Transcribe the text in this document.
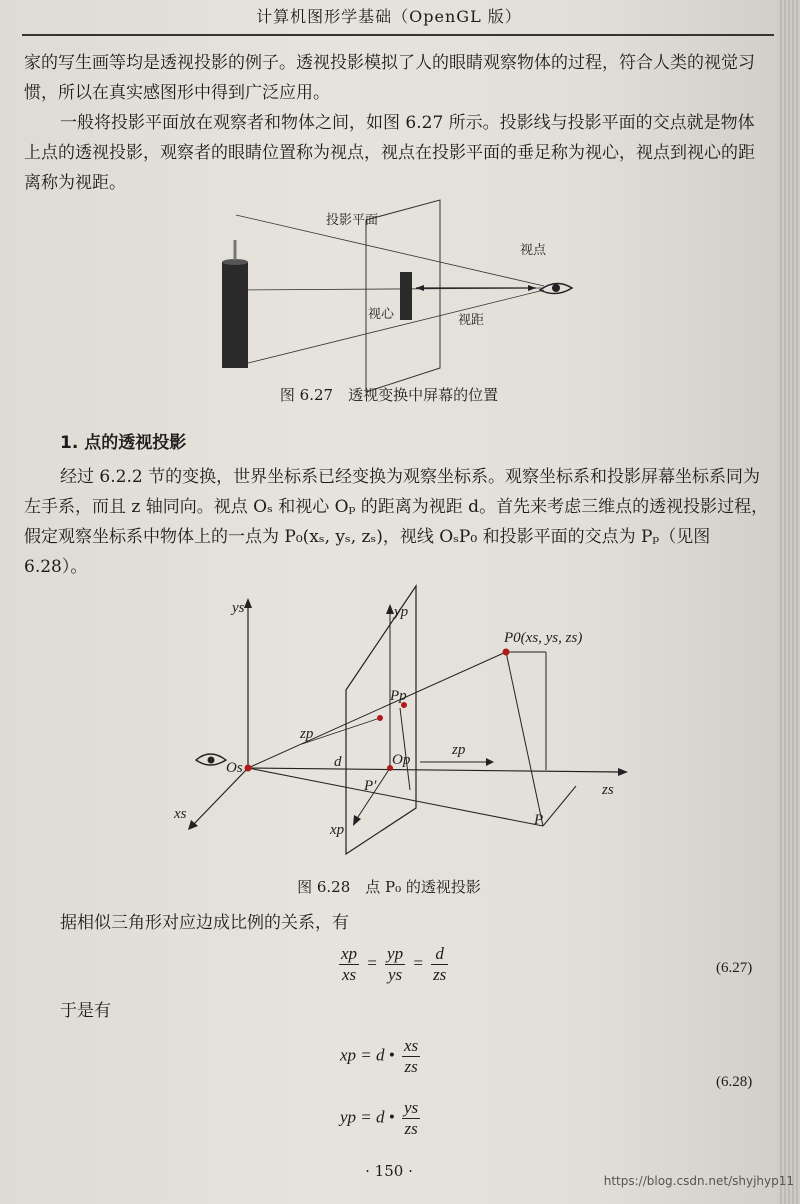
计算机图形学基础（OpenGL 版）
家的写生画等均是透视投影的例子。透视投影模拟了人的眼睛观察物体的过程，符合人类的视觉习惯，所以在真实感图形中得到广泛应用。
一般将投影平面放在观察者和物体之间，如图 6.27 所示。投影线与投影平面的交点就是物体上点的透视投影，观察者的眼睛位置称为视点，视点在投影平面的垂足称为视心，视点到视心的距离称为视距。
投影平面
视点
视心	视距
图 6.27　透视变换中屏幕的位置
1. 点的透视投影
经过 6.2.2 节的变换，世界坐标系已经变换为观察坐标系。观察坐标系和投影屏幕坐标系同为左手系，而且 z 轴同向。视点 Oₛ 和视心 Oₚ 的距离为视距 d。首先来考虑三维点的透视投影过程，假定观察坐标系中物体上的一点为 P₀(xₛ, yₛ, zₛ)，视线 OₛP₀ 和投影平面的交点为 Pₚ（见图 6.28）。
ys	yp
zp
zp
zs
xs
xp
Os	Op
d
Pp
P′
P
P0(xs, ys, zs)
图 6.28　点 P₀ 的透视投影
据相似三角形对应边成比例的关系，有
$\frac{xp}{xs} = \frac{yp}{ys} = \frac{d}{zs}$	(6.27)
于是有
xp = d • $\frac{xs}{zs}$
(6.28)
yp = d • $\frac{ys}{zs}$
· 150 ·
https://blog.csdn.net/shyjhyp11
